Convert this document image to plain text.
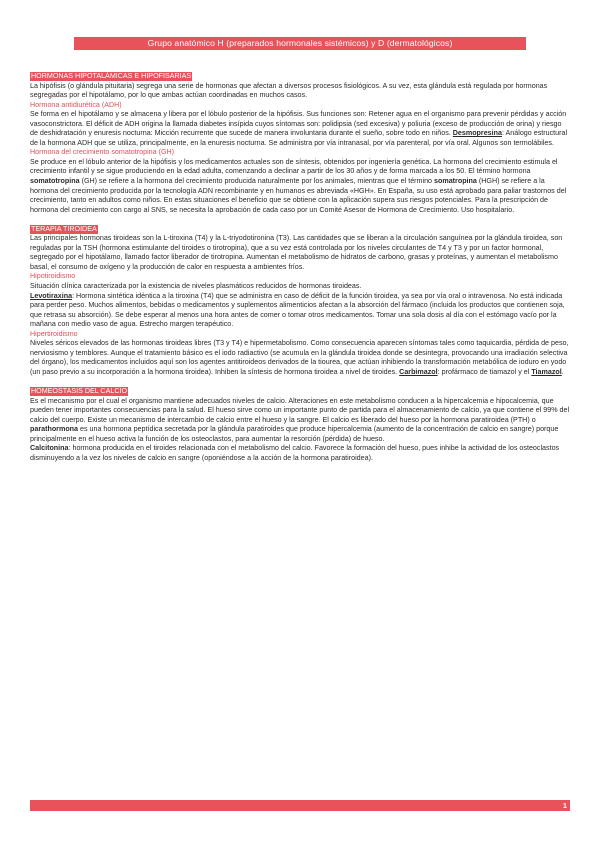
Grupo anatómico H (preparados hormonales sistémicos) y D (dermatológicos)
HORMONAS HIPOTALÁMICAS E HIPOFISARIAS

La hipófisis (o glándula pituitaria) segrega una serie de hormonas que afectan a diversos procesos fisiológicos. A su vez, esta glándula está regulada por hormonas segregadas por el hipotálamo, por lo que ambas actúan coordinadas en muchos casos.

Hormona antidiurética (ADH)

Se forma en el hipotálamo y se almacena y libera por el lóbulo posterior de la hipófisis. Sus funciones son: Retener agua en el organismo para prevenir pérdidas y acción vasoconstrictora. El déficit de ADH origina la llamada diabetes insípida cuyos síntomas son: polidipsia (sed excesiva) y poliuria (exceso de producción de orina) y riesgo de deshidratación y enuresis nocturna: Micción recurrente que sucede de manera involuntaria durante el sueño, sobre todo en niños. Desmopresina: Análogo estructural de la hormona ADH que se utiliza, principalmente, en la enuresis nocturna. Se administra por vía intranasal, por vía parenteral, por vía oral. Algunos son termolábiles.

Hormona del crecimiento somatotropina (GH)

Se produce en el lóbulo anterior de la hipófisis y los medicamentos actuales son de síntesis, obtenidos por ingeniería genética. La hormona del crecimiento estimula el crecimiento infantil y se sigue produciendo en la edad adulta, comenzando a declinar a partir de los 30 años y de forma marcada a los 50. El término hormona somatotropina (GH) se refiere a la hormona del crecimiento producida naturalmente por los animales, mientras que el término somatropina (HGH) se refiere a la hormona del crecimiento producida por la tecnología ADN recombinante y en humanos es abreviada «HGH». En España, su uso está aprobado para paliar trastornos del crecimiento, tanto en adultos como niños. En estas situaciones el beneficio que se obtiene con la aplicación supera sus riesgos potenciales. Para la prescripción de hormona del crecimiento con cargo al SNS, se necesita la aprobación de cada caso por un Comité Asesor de Hormona de Crecimiento. Uso hospitalario.

TERAPIA TIROIDEA

Las principales hormonas tiroideas son la L-tiroxina (T4) y la L-triyodotironina (T3). Las cantidades que se liberan a la circulación sanguínea por la glándula tiroidea, son reguladas por la TSH (hormona estimulante del tiroides o tirotropina), que a su vez está controlada por los niveles circulantes de T4 y T3 y por un factor hormonal, segregado por el hipotálamo, llamado factor liberador de tirotropina. Aumentan el metabolismo de hidratos de carbono, grasas y proteínas, y aumentan el metabolismo basal, el consumo de oxígeno y la producción de calor en respuesta a ambientes fríos.

Hipotiroidismo

Situación clínica caracterizada por la existencia de niveles plasmáticos reducidos de hormonas tiroideas.

Levotiraxina: Hormona sintética idéntica a la tiroxina (T4) que se administra en caso de déficit de la función tiroidea, ya sea por vía oral o intravenosa. No está indicada para perder peso. Muchos alimentos, bebidas o medicamentos y suplementos alimenticios afectan a la absorción del fármaco (incluida los productos que contienen soja, que retrasa su absorción). Se debe esperar al menos una hora antes de comer o tomar otros medicamentos. Tomar una sola dosis al día con el estómago vacío por la mañana con medio vaso de agua. Estrecho margen terapéutico.

Hipertiroidismo

Niveles séricos elevados de las hormonas tiroideas libres (T3 y T4) e hipermetabolismo. Como consecuencia aparecen síntomas tales como taquicardia, pérdida de peso, nerviosismo y temblores. Aunque el tratamiento básico es el iodo radiactivo (se acumula en la glándula tiroidea donde se desintegra, provocando una irradiación selectiva del órgano), los medicamentos incluidos aquí son los agentes antitiroideos derivados de la tiourea, que actúan inhibiendo la transformación metabólica de ioduro en yodo (un paso previo a su incorporación a la hormona tiroidea). Inhiben la síntesis de hormona tiroidea a nivel de tiroides. Carbimazol: profármaco de tiamazol y el Tiamazol.

HOMEOSTASIS DEL CALCIO

Es el mecanismo por el cual el organismo mantiene adecuados niveles de calcio. Alteraciones en este metabolismo conducen a la hipercalcemia e hipocalcemia, que pueden tener importantes consecuencias para la salud. El hueso sirve como un importante punto de partida para el almacenamiento de calcio, ya que contiene el 99% del calcio del cuerpo. Existe un mecanismo de intercambio de calcio entre el hueso y la sangre. El calcio es liberado del hueso por la hormona paratiroidea (PTH) o parathormona es una hormona peptídica secretada por la glándula paratiroides que produce hipercalcemia (aumento de la concentración de calcio en sangre) porque principalmente en el hueso activa la función de los osteoclastos, para aumentar la resorción (pérdida) de hueso.

Calcitonina: hormona producida en el tiroides relacionada con el metabolismo del calcio. Favorece la formación del hueso, pues inhibe la actividad de los osteoclastos disminuyendo a la vez los niveles de calcio en sangre (oponiéndose a la acción de la hormona paratiroidea).

1
